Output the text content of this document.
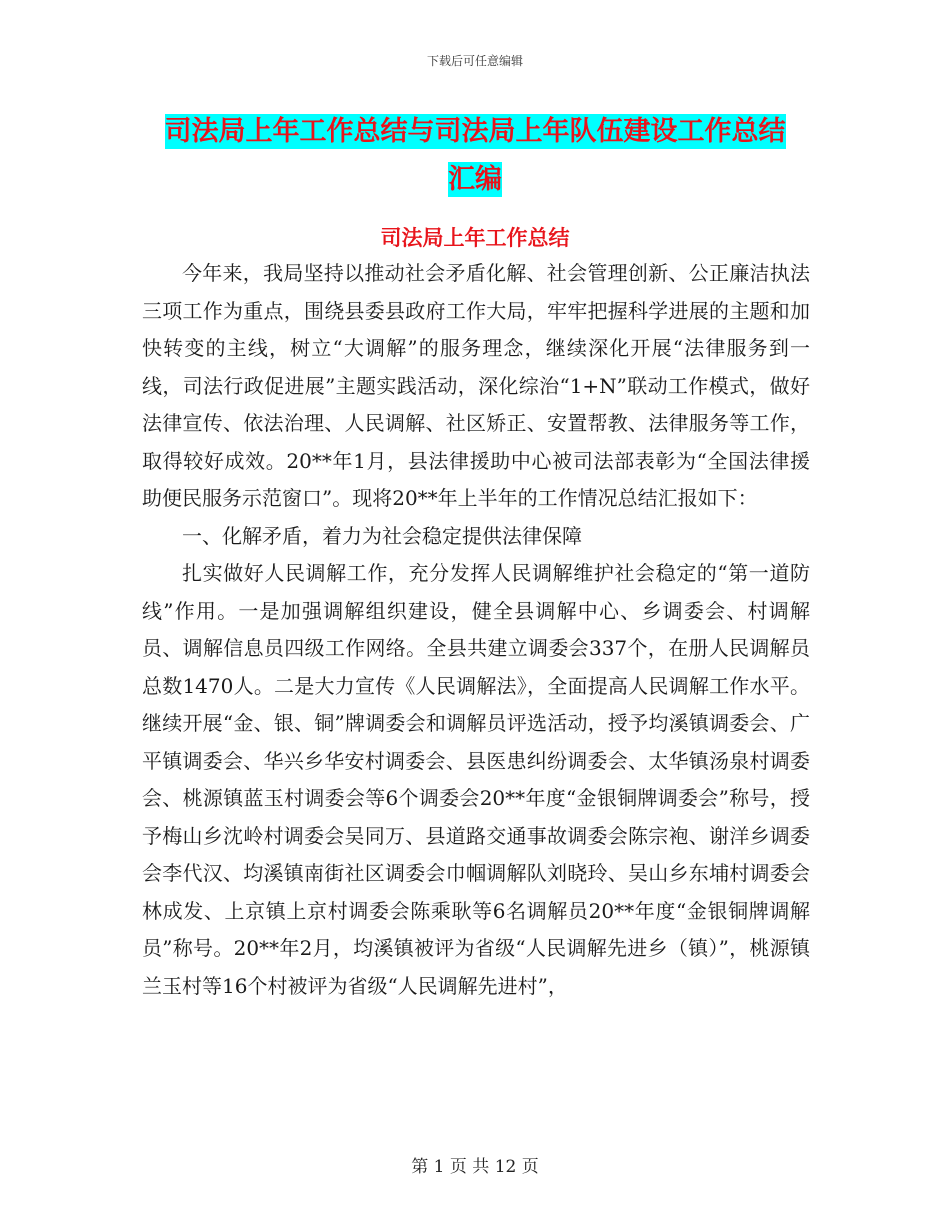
下载后可任意编辑
司法局上年工作总结与司法局上年队伍建设工作总结
汇编
司法局上年工作总结

今年来，我局坚持以推动社会矛盾化解、社会管理创新、公正廉洁执法三项工作为重点，围绕县委县政府工作大局，牢牢把握科学进展的主题和加快转变的主线，树立“大调解”的服务理念，继续深化开展“法律服务到一线，司法行政促进展”主题实践活动，深化综治“1+N”联动工作模式，做好法律宣传、依法治理、人民调解、社区矫正、安置帮教、法律服务等工作，取得较好成效。20**年1月，县法律援助中心被司法部表彰为“全国法律援助便民服务示范窗口”。现将20**年上半年的工作情况总结汇报如下：

一、化解矛盾，着力为社会稳定提供法律保障

扎实做好人民调解工作，充分发挥人民调解维护社会稳定的“第一道防线”作用。一是加强调解组织建设，健全县调解中心、乡调委会、村调解员、调解信息员四级工作网络。全县共建立调委会337个，在册人民调解员总数1470人。二是大力宣传《人民调解法》，全面提高人民调解工作水平。继续开展“金、银、铜”牌调委会和调解员评选活动，授予均溪镇调委会、广平镇调委会、华兴乡华安村调委会、县医患纠纷调委会、太华镇汤泉村调委会、桃源镇蓝玉村调委会等6个调委会20**年度“金银铜牌调委会”称号，授予梅山乡沈岭村调委会吴同万、县道路交通事故调委会陈宗袍、谢洋乡调委会李代汉、均溪镇南街社区调委会巾帼调解队刘晓玲、吴山乡东埔村调委会林成发、上京镇上京村调委会陈乘耿等6名调解员20**年度“金银铜牌调解员”称号。20**年2月，均溪镇被评为省级“人民调解先进乡（镇）”，桃源镇兰玉村等16个村被评为省级“人民调解先进村”，

第 1 页 共 12 页
